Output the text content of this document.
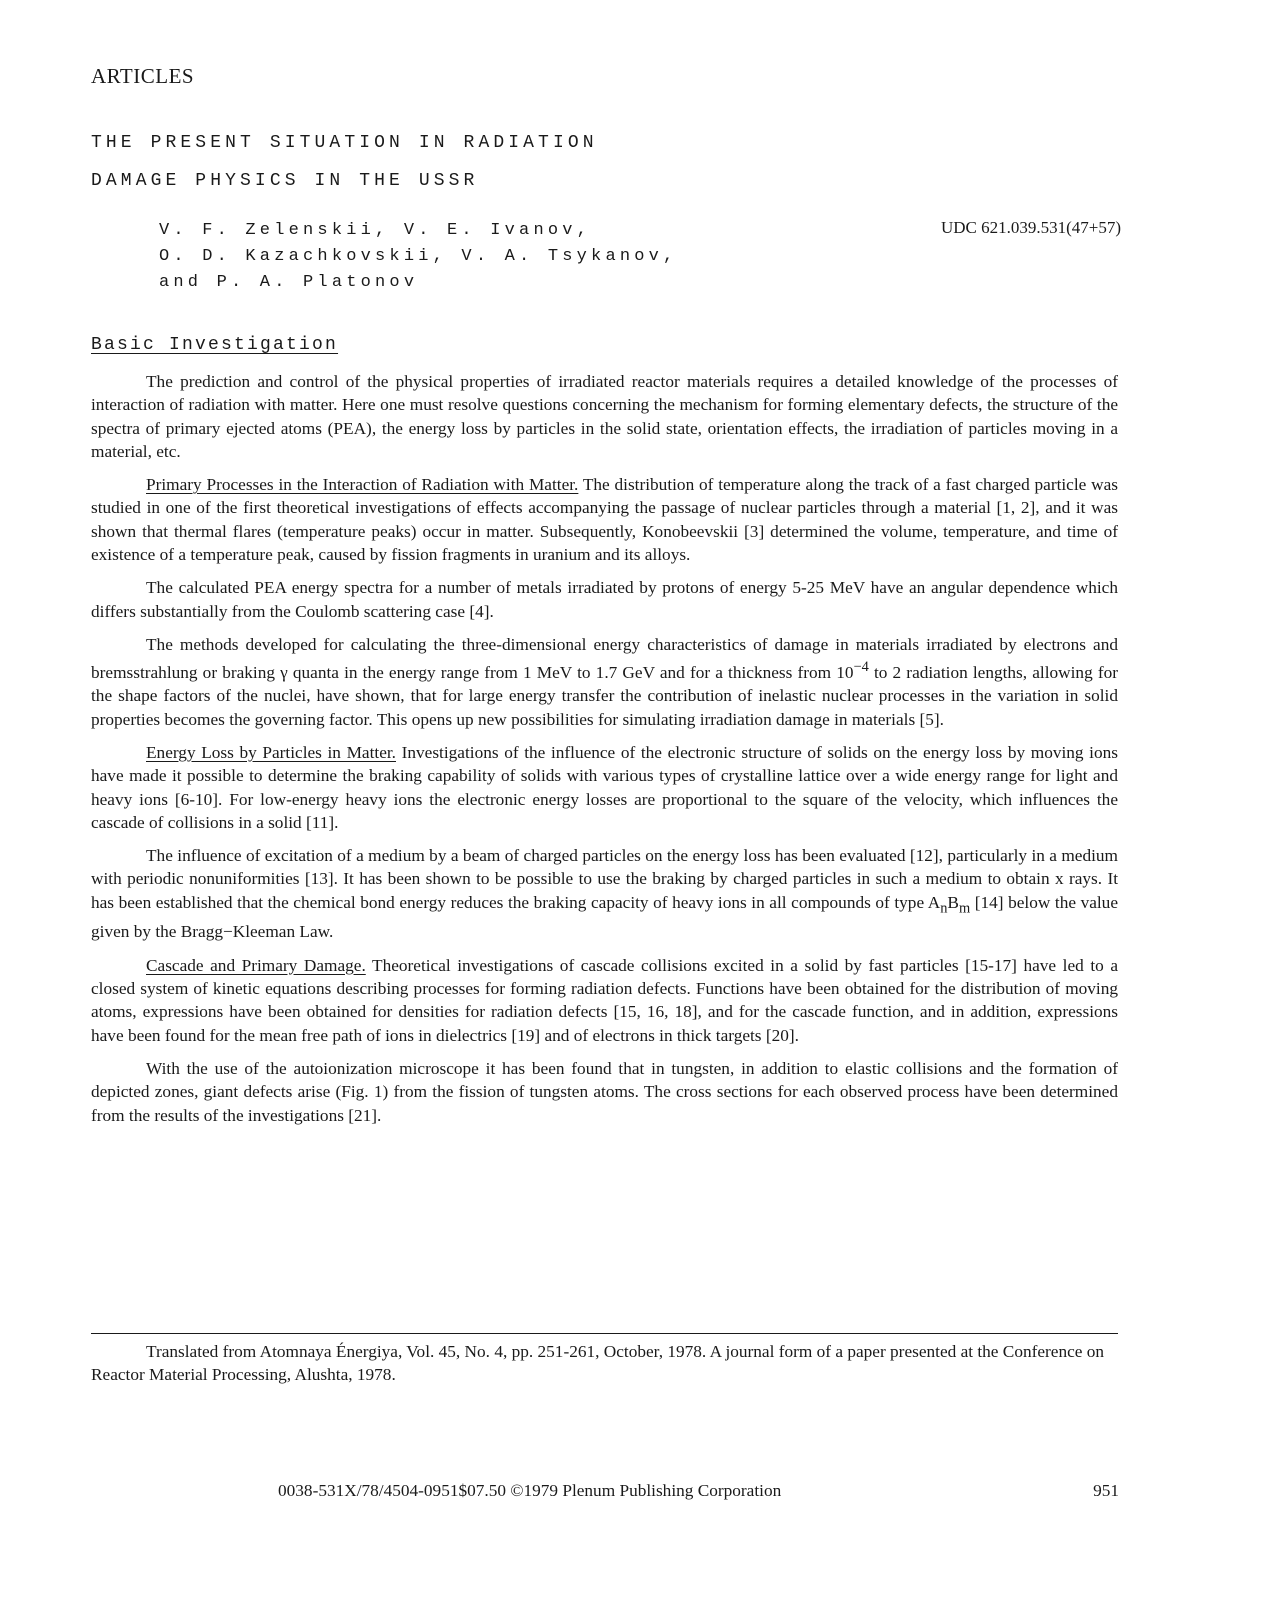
ARTICLES
THE PRESENT SITUATION IN RADIATION
DAMAGE PHYSICS IN THE USSR
V. F. Zelenskii, V. E. Ivanov,
O. D. Kazachkovskii, V. A. Tsykanov,
and P. A. Platonov
UDC 621.039.531(47+57)
Basic Investigation

The prediction and control of the physical properties of irradiated reactor materials requires a detailed knowledge of the processes of interaction of radiation with matter. Here one must resolve questions concerning the mechanism for forming elementary defects, the structure of the spectra of primary ejected atoms (PEA), the energy loss by particles in the solid state, orientation effects, the irradiation of particles moving in a material, etc.

Primary Processes in the Interaction of Radiation with Matter. The distribution of temperature along the track of a fast charged particle was studied in one of the first theoretical investigations of effects accompanying the passage of nuclear particles through a material [1, 2], and it was shown that thermal flares (temperature peaks) occur in matter. Subsequently, Konobeevskii [3] determined the volume, temperature, and time of existence of a temperature peak, caused by fission fragments in uranium and its alloys.

The calculated PEA energy spectra for a number of metals irradiated by protons of energy 5-25 MeV have an angular dependence which differs substantially from the Coulomb scattering case [4].

The methods developed for calculating the three-dimensional energy characteristics of damage in materials irradiated by electrons and bremsstrahlung or braking γ quanta in the energy range from 1 MeV to 1.7 GeV and for a thickness from $10^{-4}$ to 2 radiation lengths, allowing for the shape factors of the nuclei, have shown, that for large energy transfer the contribution of inelastic nuclear processes in the variation in solid properties becomes the governing factor. This opens up new possibilities for simulating irradiation damage in materials [5].

Energy Loss by Particles in Matter. Investigations of the influence of the electronic structure of solids on the energy loss by moving ions have made it possible to determine the braking capability of solids with various types of crystalline lattice over a wide energy range for light and heavy ions [6-10]. For low-energy heavy ions the electronic energy losses are proportional to the square of the velocity, which influences the cascade of collisions in a solid [11].

The influence of excitation of a medium by a beam of charged particles on the energy loss has been evaluated [12], particularly in a medium with periodic nonuniformities [13]. It has been shown to be possible to use the braking by charged particles in such a medium to obtain x rays. It has been established that the chemical bond energy reduces the braking capacity of heavy ions in all compounds of type $A_nB_m$ [14] below the value given by the Bragg−Kleeman Law.

Cascade and Primary Damage. Theoretical investigations of cascade collisions excited in a solid by fast particles [15-17] have led to a closed system of kinetic equations describing processes for forming radiation defects. Functions have been obtained for the distribution of moving atoms, expressions have been obtained for densities for radiation defects [15, 16, 18], and for the cascade function, and in addition, expressions have been found for the mean free path of ions in dielectrics [19] and of electrons in thick targets [20].

With the use of the autoionization microscope it has been found that in tungsten, in addition to elastic collisions and the formation of depicted zones, giant defects arise (Fig. 1) from the fission of tungsten atoms. The cross sections for each observed process have been determined from the results of the investigations [21].

Translated from Atomnaya Énergiya, Vol. 45, No. 4, pp. 251-261, October, 1978. A journal form of a paper presented at the Conference on Reactor Material Processing, Alushta, 1978.

0038-531X/78/4504-0951$07.50 ©1979 Plenum Publishing Corporation	951
